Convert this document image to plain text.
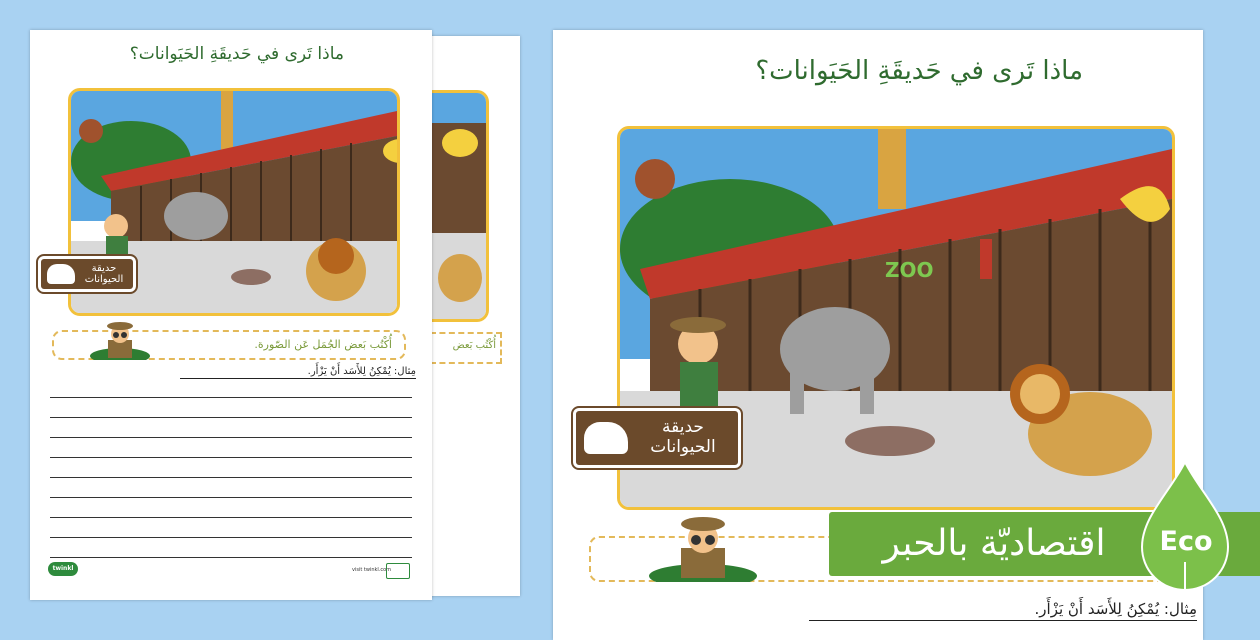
أُكْتُب بَعض
ماذا تَرى في حَديقَةِ الحَيَوانات؟
حديقة
الحيوانات
أُكْتُب بَعض الجُمَل عَن الصّورة.
مِثال: يُمْكِنُ لِلأَسَد أَنْ يَزْأَر.
twinkl	visit twinkl.com
ماذا تَرى في حَديقَةِ الحَيَوانات؟
ZOO
حديقة
الحيوانات
مِثال: يُمْكِنُ لِلأَسَد أَنْ يَزْأَر.
اقتصاديّة بالحبر	Eco
